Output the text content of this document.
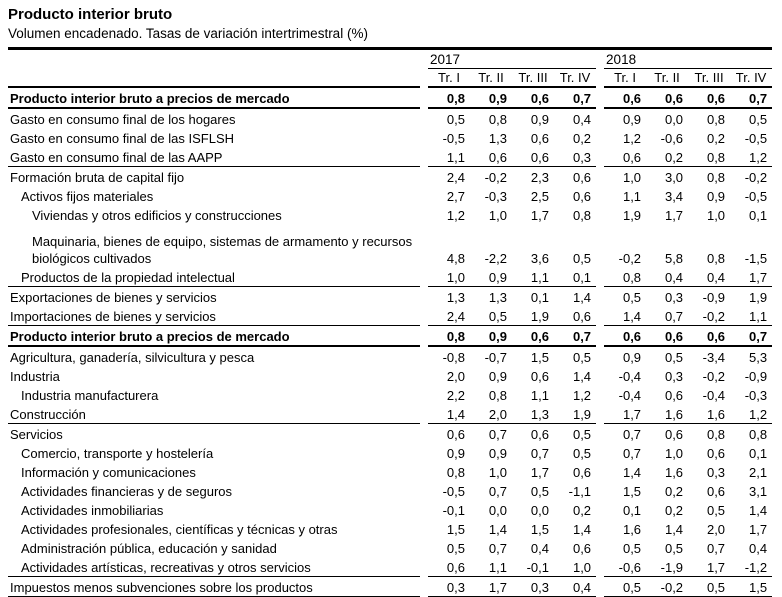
Producto interior bruto
Volumen encadenado. Tasas de variación intertrimestral (%)
		2017					2018			
		Tr. I	Tr. II	Tr. III	Tr. IV		Tr. I	Tr. II	Tr. III	Tr. IV
Producto interior bruto a precios de mercado		0,8	0,9	0,6	0,7		0,6	0,6	0,6	0,7
Gasto en consumo final de los hogares		0,5	0,8	0,9	0,4		0,9	0,0	0,8	0,5
Gasto en consumo final de las ISFLSH		-0,5	1,3	0,6	0,2		1,2	-0,6	0,2	-0,5
Gasto en consumo final de las AAPP		1,1	0,6	0,6	0,3		0,6	0,2	0,8	1,2
Formación bruta de capital fijo		2,4	-0,2	2,3	0,6		1,0	3,0	0,8	-0,2
Activos fijos materiales		2,7	-0,3	2,5	0,6		1,1	3,4	0,9	-0,5
Viviendas y otros edificios y construcciones		1,2	1,0	1,7	0,8		1,9	1,7	1,0	0,1
Maquinaria, bienes de equipo, sistemas de armamento y recursos biológicos cultivados		4,8	-2,2	3,6	0,5		-0,2	5,8	0,8	-1,5
Productos de la propiedad intelectual		1,0	0,9	1,1	0,1		0,8	0,4	0,4	1,7
Exportaciones de bienes y servicios		1,3	1,3	0,1	1,4		0,5	0,3	-0,9	1,9
Importaciones de bienes y servicios		2,4	0,5	1,9	0,6		1,4	0,7	-0,2	1,1
Producto interior bruto a precios de mercado		0,8	0,9	0,6	0,7		0,6	0,6	0,6	0,7
Agricultura, ganadería, silvicultura y pesca		-0,8	-0,7	1,5	0,5		0,9	0,5	-3,4	5,3
Industria		2,0	0,9	0,6	1,4		-0,4	0,3	-0,2	-0,9
Industria manufacturera		2,2	0,8	1,1	1,2		-0,4	0,6	-0,4	-0,3
Construcción		1,4	2,0	1,3	1,9		1,7	1,6	1,6	1,2
Servicios		0,6	0,7	0,6	0,5		0,7	0,6	0,8	0,8
Comercio, transporte y hostelería		0,9	0,9	0,7	0,5		0,7	1,0	0,6	0,1
Información y comunicaciones		0,8	1,0	1,7	0,6		1,4	1,6	0,3	2,1
Actividades financieras y de seguros		-0,5	0,7	0,5	-1,1		1,5	0,2	0,6	3,1
Actividades inmobiliarias		-0,1	0,0	0,0	0,2		0,1	0,2	0,5	1,4
Actividades profesionales, científicas y técnicas y otras		1,5	1,4	1,5	1,4		1,6	1,4	2,0	1,7
Administración pública, educación y sanidad		0,5	0,7	0,4	0,6		0,5	0,5	0,7	0,4
Actividades artísticas, recreativas y otros servicios		0,6	1,1	-0,1	1,0		-0,6	-1,9	1,7	-1,2
Impuestos menos subvenciones sobre los productos		0,3	1,7	0,3	0,4		0,5	-0,2	0,5	1,5
